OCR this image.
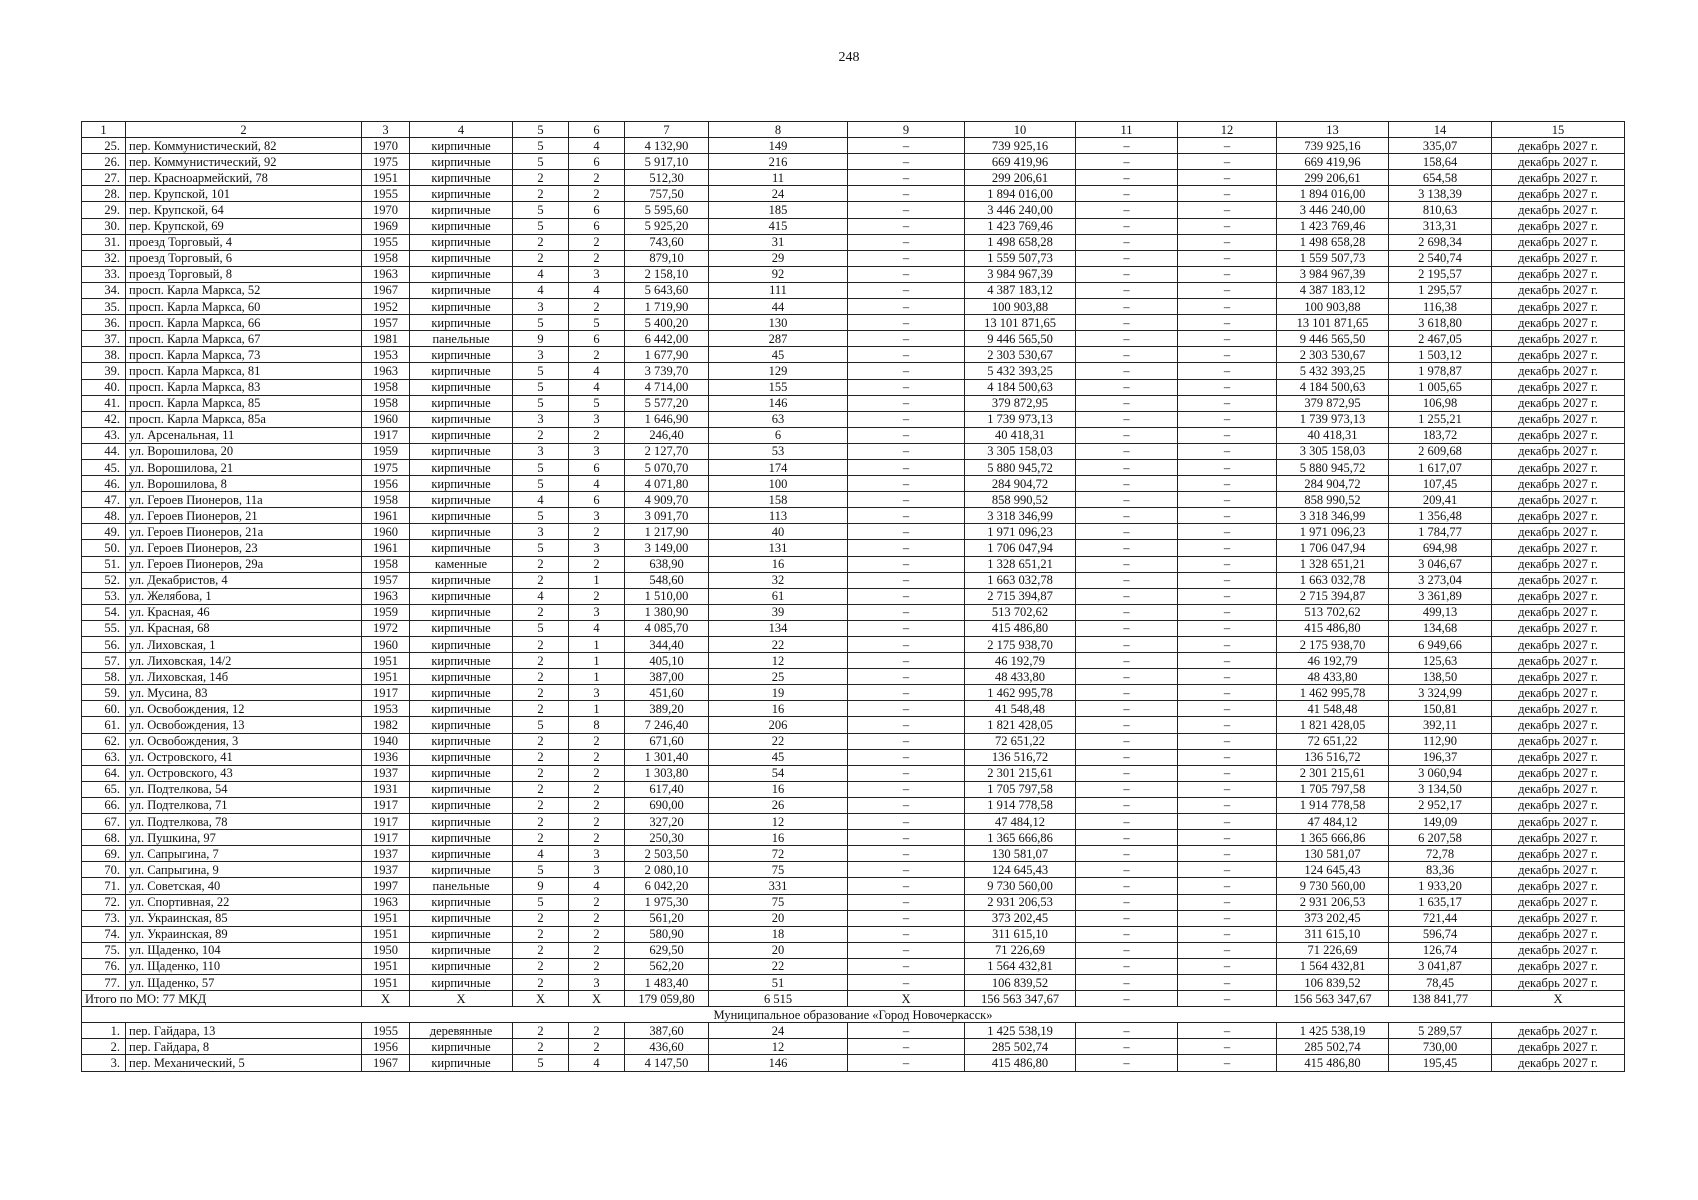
248
1	2	3	4	5	6	7	8	9	10	11	12	13	14	15
25.	пер. Коммунистический, 82	1970	кирпичные	5	4	4 132,90	149	–	739 925,16	–	–	739 925,16	335,07	декабрь 2027 г.
26.	пер. Коммунистический, 92	1975	кирпичные	5	6	5 917,10	216	–	669 419,96	–	–	669 419,96	158,64	декабрь 2027 г.
27.	пер. Красноармейский, 78	1951	кирпичные	2	2	512,30	11	–	299 206,61	–	–	299 206,61	654,58	декабрь 2027 г.
28.	пер. Крупской, 101	1955	кирпичные	2	2	757,50	24	–	1 894 016,00	–	–	1 894 016,00	3 138,39	декабрь 2027 г.
29.	пер. Крупской, 64	1970	кирпичные	5	6	5 595,60	185	–	3 446 240,00	–	–	3 446 240,00	810,63	декабрь 2027 г.
30.	пер. Крупской, 69	1969	кирпичные	5	6	5 925,20	415	–	1 423 769,46	–	–	1 423 769,46	313,31	декабрь 2027 г.
31.	проезд Торговый, 4	1955	кирпичные	2	2	743,60	31	–	1 498 658,28	–	–	1 498 658,28	2 698,34	декабрь 2027 г.
32.	проезд Торговый, 6	1958	кирпичные	2	2	879,10	29	–	1 559 507,73	–	–	1 559 507,73	2 540,74	декабрь 2027 г.
33.	проезд Торговый, 8	1963	кирпичные	4	3	2 158,10	92	–	3 984 967,39	–	–	3 984 967,39	2 195,57	декабрь 2027 г.
34.	просп. Карла Маркса, 52	1967	кирпичные	4	4	5 643,60	111	–	4 387 183,12	–	–	4 387 183,12	1 295,57	декабрь 2027 г.
35.	просп. Карла Маркса, 60	1952	кирпичные	3	2	1 719,90	44	–	100 903,88	–	–	100 903,88	116,38	декабрь 2027 г.
36.	просп. Карла Маркса, 66	1957	кирпичные	5	5	5 400,20	130	–	13 101 871,65	–	–	13 101 871,65	3 618,80	декабрь 2027 г.
37.	просп. Карла Маркса, 67	1981	панельные	9	6	6 442,00	287	–	9 446 565,50	–	–	9 446 565,50	2 467,05	декабрь 2027 г.
38.	просп. Карла Маркса, 73	1953	кирпичные	3	2	1 677,90	45	–	2 303 530,67	–	–	2 303 530,67	1 503,12	декабрь 2027 г.
39.	просп. Карла Маркса, 81	1963	кирпичные	5	4	3 739,70	129	–	5 432 393,25	–	–	5 432 393,25	1 978,87	декабрь 2027 г.
40.	просп. Карла Маркса, 83	1958	кирпичные	5	4	4 714,00	155	–	4 184 500,63	–	–	4 184 500,63	1 005,65	декабрь 2027 г.
41.	просп. Карла Маркса, 85	1958	кирпичные	5	5	5 577,20	146	–	379 872,95	–	–	379 872,95	106,98	декабрь 2027 г.
42.	просп. Карла Маркса, 85а	1960	кирпичные	3	3	1 646,90	63	–	1 739 973,13	–	–	1 739 973,13	1 255,21	декабрь 2027 г.
43.	ул. Арсенальная, 11	1917	кирпичные	2	2	246,40	6	–	40 418,31	–	–	40 418,31	183,72	декабрь 2027 г.
44.	ул. Ворошилова, 20	1959	кирпичные	3	3	2 127,70	53	–	3 305 158,03	–	–	3 305 158,03	2 609,68	декабрь 2027 г.
45.	ул. Ворошилова, 21	1975	кирпичные	5	6	5 070,70	174	–	5 880 945,72	–	–	5 880 945,72	1 617,07	декабрь 2027 г.
46.	ул. Ворошилова, 8	1956	кирпичные	5	4	4 071,80	100	–	284 904,72	–	–	284 904,72	107,45	декабрь 2027 г.
47.	ул. Героев Пионеров, 11а	1958	кирпичные	4	6	4 909,70	158	–	858 990,52	–	–	858 990,52	209,41	декабрь 2027 г.
48.	ул. Героев Пионеров, 21	1961	кирпичные	5	3	3 091,70	113	–	3 318 346,99	–	–	3 318 346,99	1 356,48	декабрь 2027 г.
49.	ул. Героев Пионеров, 21а	1960	кирпичные	3	2	1 217,90	40	–	1 971 096,23	–	–	1 971 096,23	1 784,77	декабрь 2027 г.
50.	ул. Героев Пионеров, 23	1961	кирпичные	5	3	3 149,00	131	–	1 706 047,94	–	–	1 706 047,94	694,98	декабрь 2027 г.
51.	ул. Героев Пионеров, 29а	1958	каменные	2	2	638,90	16	–	1 328 651,21	–	–	1 328 651,21	3 046,67	декабрь 2027 г.
52.	ул. Декабристов, 4	1957	кирпичные	2	1	548,60	32	–	1 663 032,78	–	–	1 663 032,78	3 273,04	декабрь 2027 г.
53.	ул. Желябова, 1	1963	кирпичные	4	2	1 510,00	61	–	2 715 394,87	–	–	2 715 394,87	3 361,89	декабрь 2027 г.
54.	ул. Красная, 46	1959	кирпичные	2	3	1 380,90	39	–	513 702,62	–	–	513 702,62	499,13	декабрь 2027 г.
55.	ул. Красная, 68	1972	кирпичные	5	4	4 085,70	134	–	415 486,80	–	–	415 486,80	134,68	декабрь 2027 г.
56.	ул. Лиховская, 1	1960	кирпичные	2	1	344,40	22	–	2 175 938,70	–	–	2 175 938,70	6 949,66	декабрь 2027 г.
57.	ул. Лиховская, 14/2	1951	кирпичные	2	1	405,10	12	–	46 192,79	–	–	46 192,79	125,63	декабрь 2027 г.
58.	ул. Лиховская, 14б	1951	кирпичные	2	1	387,00	25	–	48 433,80	–	–	48 433,80	138,50	декабрь 2027 г.
59.	ул. Мусина, 83	1917	кирпичные	2	3	451,60	19	–	1 462 995,78	–	–	1 462 995,78	3 324,99	декабрь 2027 г.
60.	ул. Освобождения, 12	1953	кирпичные	2	1	389,20	16	–	41 548,48	–	–	41 548,48	150,81	декабрь 2027 г.
61.	ул. Освобождения, 13	1982	кирпичные	5	8	7 246,40	206	–	1 821 428,05	–	–	1 821 428,05	392,11	декабрь 2027 г.
62.	ул. Освобождения, 3	1940	кирпичные	2	2	671,60	22	–	72 651,22	–	–	72 651,22	112,90	декабрь 2027 г.
63.	ул. Островского, 41	1936	кирпичные	2	2	1 301,40	45	–	136 516,72	–	–	136 516,72	196,37	декабрь 2027 г.
64.	ул. Островского, 43	1937	кирпичные	2	2	1 303,80	54	–	2 301 215,61	–	–	2 301 215,61	3 060,94	декабрь 2027 г.
65.	ул. Подтелкова, 54	1931	кирпичные	2	2	617,40	16	–	1 705 797,58	–	–	1 705 797,58	3 134,50	декабрь 2027 г.
66.	ул. Подтелкова, 71	1917	кирпичные	2	2	690,00	26	–	1 914 778,58	–	–	1 914 778,58	2 952,17	декабрь 2027 г.
67.	ул. Подтелкова, 78	1917	кирпичные	2	2	327,20	12	–	47 484,12	–	–	47 484,12	149,09	декабрь 2027 г.
68.	ул. Пушкина, 97	1917	кирпичные	2	2	250,30	16	–	1 365 666,86	–	–	1 365 666,86	6 207,58	декабрь 2027 г.
69.	ул. Сапрыгина, 7	1937	кирпичные	4	3	2 503,50	72	–	130 581,07	–	–	130 581,07	72,78	декабрь 2027 г.
70.	ул. Сапрыгина, 9	1937	кирпичные	5	3	2 080,10	75	–	124 645,43	–	–	124 645,43	83,36	декабрь 2027 г.
71.	ул. Советская, 40	1997	панельные	9	4	6 042,20	331	–	9 730 560,00	–	–	9 730 560,00	1 933,20	декабрь 2027 г.
72.	ул. Спортивная, 22	1963	кирпичные	5	2	1 975,30	75	–	2 931 206,53	–	–	2 931 206,53	1 635,17	декабрь 2027 г.
73.	ул. Украинская, 85	1951	кирпичные	2	2	561,20	20	–	373 202,45	–	–	373 202,45	721,44	декабрь 2027 г.
74.	ул. Украинская, 89	1951	кирпичные	2	2	580,90	18	–	311 615,10	–	–	311 615,10	596,74	декабрь 2027 г.
75.	ул. Щаденко, 104	1950	кирпичные	2	2	629,50	20	–	71 226,69	–	–	71 226,69	126,74	декабрь 2027 г.
76.	ул. Щаденко, 110	1951	кирпичные	2	2	562,20	22	–	1 564 432,81	–	–	1 564 432,81	3 041,87	декабрь 2027 г.
77.	ул. Щаденко, 57	1951	кирпичные	2	3	1 483,40	51	–	106 839,52	–	–	106 839,52	78,45	декабрь 2027 г.
Итого по МО: 77 МКД		X	X	X	X	179 059,80	6 515	X	156 563 347,67	–	–	156 563 347,67	138 841,77	X
Муниципальное образование «Город Новочеркасск»														
1.	пер. Гайдара, 13	1955	деревянные	2	2	387,60	24	–	1 425 538,19	–	–	1 425 538,19	5 289,57	декабрь 2027 г.
2.	пер. Гайдара, 8	1956	кирпичные	2	2	436,60	12	–	285 502,74	–	–	285 502,74	730,00	декабрь 2027 г.
3.	пер. Механический, 5	1967	кирпичные	5	4	4 147,50	146	–	415 486,80	–	–	415 486,80	195,45	декабрь 2027 г.
